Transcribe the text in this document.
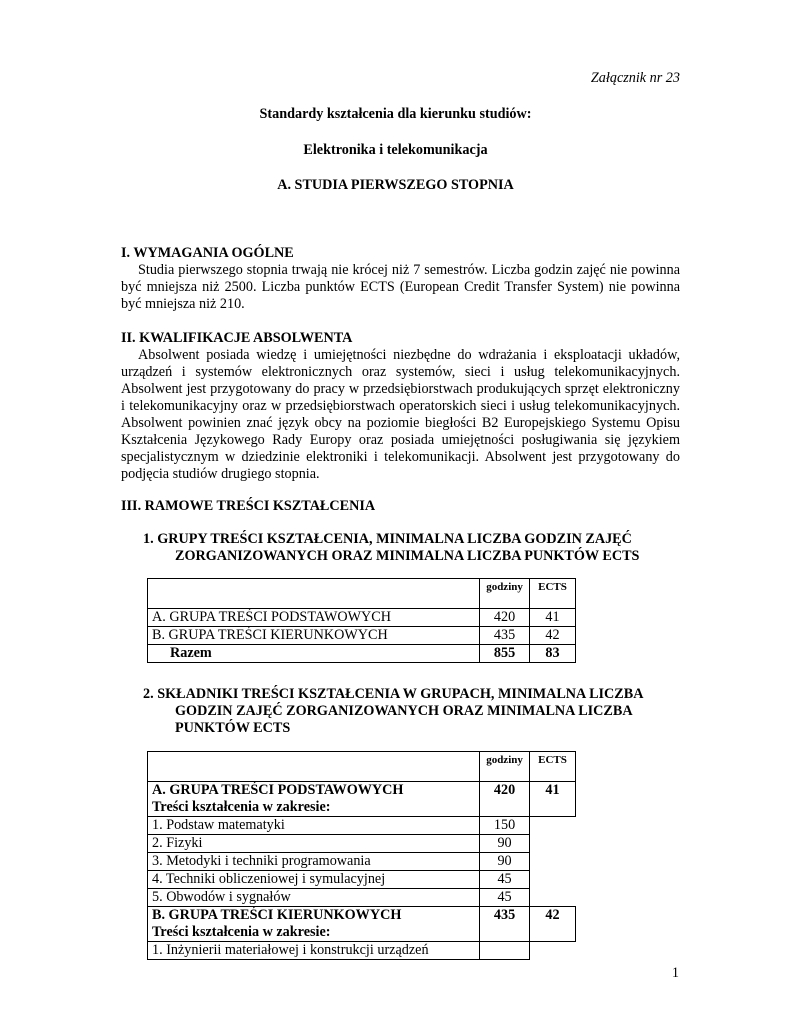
Załącznik nr 23
Standardy kształcenia dla kierunku studiów:
Elektronika i telekomunikacja
A. STUDIA PIERWSZEGO STOPNIA
I. WYMAGANIA OGÓLNE
Studia pierwszego stopnia trwają nie krócej niż 7 semestrów. Liczba godzin zajęć nie powinna być mniejsza niż 2500. Liczba punktów ECTS (European Credit Transfer System) nie powinna być mniejsza niż 210.
II. KWALIFIKACJE ABSOLWENTA
Absolwent posiada wiedzę i umiejętności niezbędne do wdrażania i eksploatacji układów, urządzeń i systemów elektronicznych oraz systemów, sieci i usług telekomunikacyjnych. Absolwent jest przygotowany do pracy w przedsiębiorstwach produkujących sprzęt elektroniczny i telekomunikacyjny oraz w przedsiębiorstwach operatorskich sieci i usług telekomunikacyjnych. Absolwent powinien znać język obcy na poziomie biegłości B2 Europejskiego Systemu Opisu Kształcenia Językowego Rady Europy oraz posiada umiejętności posługiwania się językiem specjalistycznym w dziedzinie elektroniki i telekomunikacji. Absolwent jest przygotowany do podjęcia studiów drugiego stopnia.
III. RAMOWE TREŚCI KSZTAŁCENIA
1. GRUPY TREŚCI KSZTAŁCENIA, MINIMALNA LICZBA GODZIN ZAJĘĆ
ZORGANIZOWANYCH ORAZ MINIMALNA LICZBA PUNKTÓW ECTS
	godziny	ECTS
A. GRUPA TREŚCI PODSTAWOWYCH	420	41
B. GRUPA TREŚCI KIERUNKOWYCH	435	42
Razem	855	83
2. SKŁADNIKI TREŚCI KSZTAŁCENIA W GRUPACH, MINIMALNA LICZBA
GODZIN ZAJĘĆ ZORGANIZOWANYCH ORAZ MINIMALNA LICZBA
PUNKTÓW ECTS
	godziny	ECTS

A. GRUPA TREŚCI PODSTAWOWYCH
Treści kształcenia w zakresie:	420	41
1. Podstaw matematyki	150	
2. Fizyki	90	
3. Metodyki i techniki programowania	90	
4. Techniki obliczeniowej i symulacyjnej	45	
5. Obwodów i sygnałów	45	

B. GRUPA TREŚCI KIERUNKOWYCH
Treści kształcenia w zakresie:	435	42
1. Inżynierii materiałowej i konstrukcji urządzeń		
1
